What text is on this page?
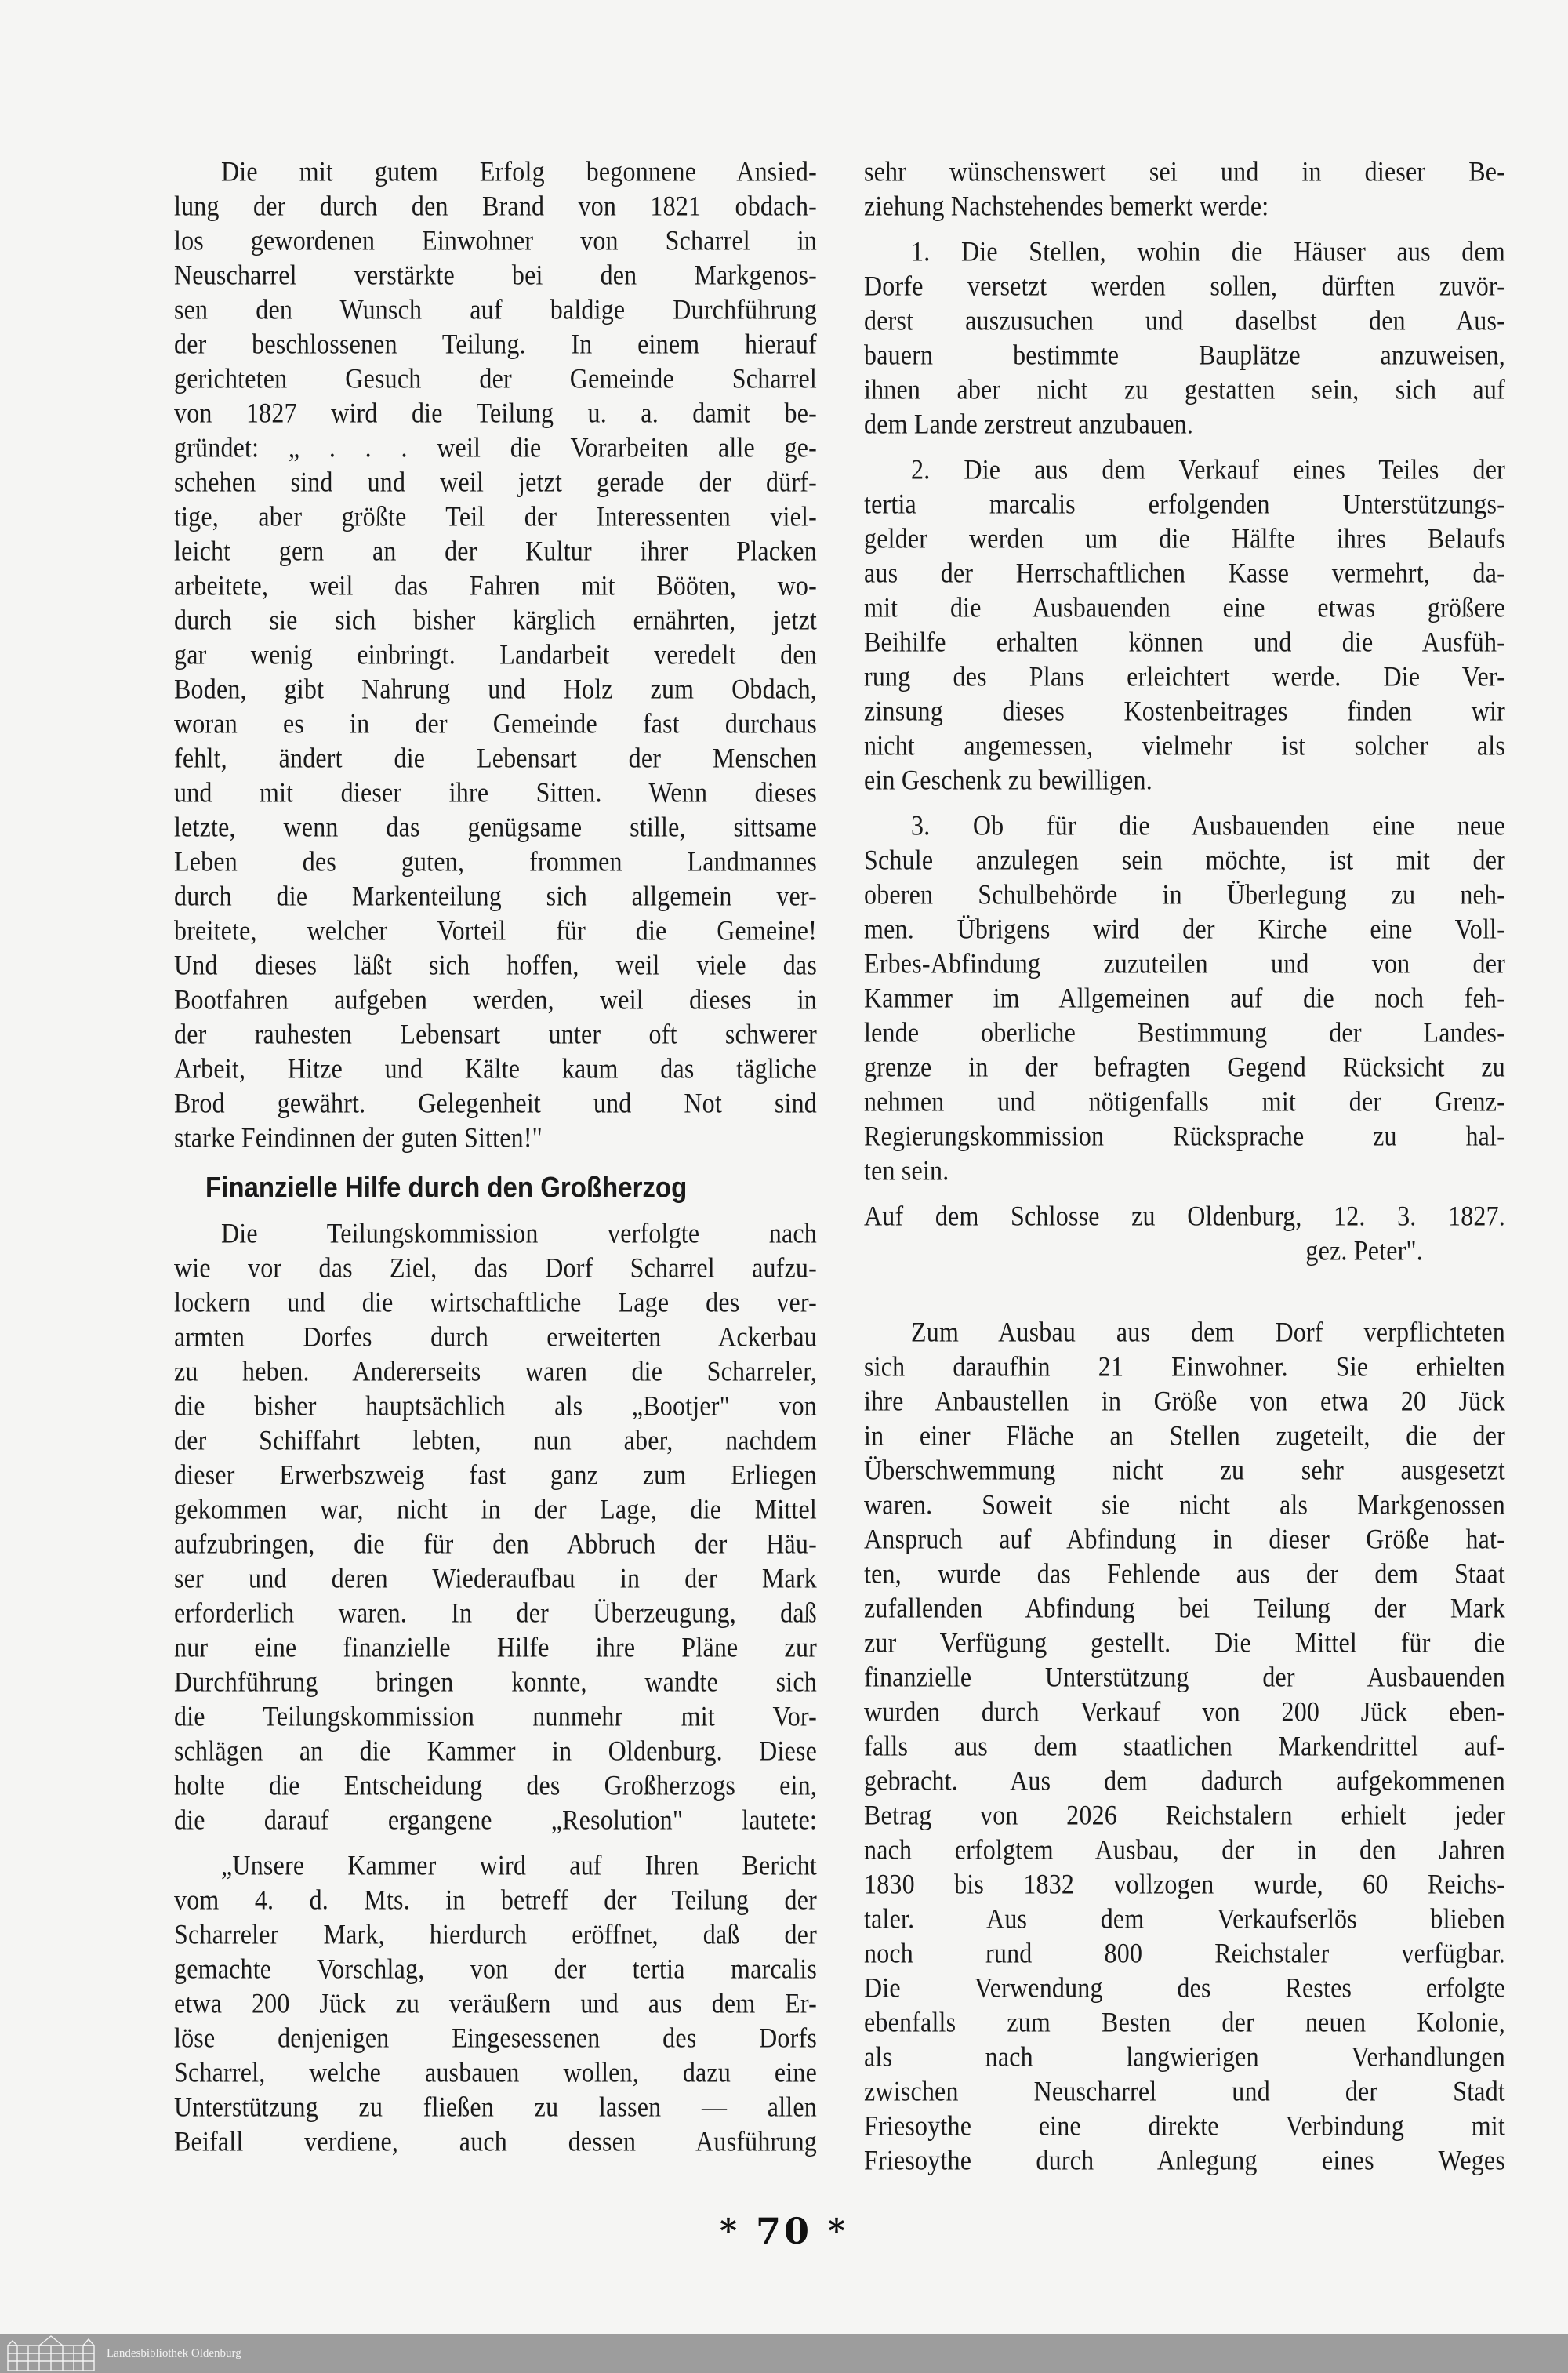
Die mit gutem Erfolg begonnene Ansied-
lung der durch den Brand von 1821 obdach-
los gewordenen Einwohner von Scharrel in
Neuscharrel verstärkte bei den Markgenos-
sen den Wunsch auf baldige Durchführung
der beschlossenen Teilung. In einem hierauf
gerichteten Gesuch der Gemeinde Scharrel
von 1827 wird die Teilung u. a. damit be-
gründet: „ . . . weil die Vorarbeiten alle ge-
schehen sind und weil jetzt gerade der dürf-
tige, aber größte Teil der Interessenten viel-
leicht gern an der Kultur ihrer Placken
arbeitete, weil das Fahren mit Bööten, wo-
durch sie sich bisher kärglich ernährten, jetzt
gar wenig einbringt. Landarbeit veredelt den
Boden, gibt Nahrung und Holz zum Obdach,
woran es in der Gemeinde fast durchaus
fehlt, ändert die Lebensart der Menschen
und mit dieser ihre Sitten. Wenn dieses
letzte, wenn das genügsame stille, sittsame
Leben des guten, frommen Landmannes
durch die Markenteilung sich allgemein ver-
breitete, welcher Vorteil für die Gemeine!
Und dieses läßt sich hoffen, weil viele das
Bootfahren aufgeben werden, weil dieses in
der rauhesten Lebensart unter oft schwerer
Arbeit, Hitze und Kälte kaum das tägliche
Brod gewährt. Gelegenheit und Not sind
starke Feindinnen der guten Sitten!"
Finanzielle Hilfe durch den Großherzog
Die Teilungskommission verfolgte nach
wie vor das Ziel, das Dorf Scharrel aufzu-
lockern und die wirtschaftliche Lage des ver-
armten Dorfes durch erweiterten Ackerbau
zu heben. Andererseits waren die Scharreler,
die bisher hauptsächlich als „Bootjer" von
der Schiffahrt lebten, nun aber, nachdem
dieser Erwerbszweig fast ganz zum Erliegen
gekommen war, nicht in der Lage, die Mittel
aufzubringen, die für den Abbruch der Häu-
ser und deren Wiederaufbau in der Mark
erforderlich waren. In der Überzeugung, daß
nur eine finanzielle Hilfe ihre Pläne zur
Durchführung bringen konnte, wandte sich
die Teilungskommission nunmehr mit Vor-
schlägen an die Kammer in Oldenburg. Diese
holte die Entscheidung des Großherzogs ein,
die darauf ergangene „Resolution" lautete:
„Unsere Kammer wird auf Ihren Bericht
vom 4. d. Mts. in betreff der Teilung der
Scharreler Mark, hierdurch eröffnet, daß der
gemachte Vorschlag, von der tertia marcalis
etwa 200 Jück zu veräußern und aus dem Er-
löse denjenigen Eingesessenen des Dorfs
Scharrel, welche ausbauen wollen, dazu eine
Unterstützung zu fließen zu lassen — allen
Beifall verdiene, auch dessen Ausführung
sehr wünschenswert sei und in dieser Be-
ziehung Nachstehendes bemerkt werde:
1. Die Stellen, wohin die Häuser aus dem
Dorfe versetzt werden sollen, dürften zuvör-
derst auszusuchen und daselbst den Aus-
bauern bestimmte Bauplätze anzuweisen,
ihnen aber nicht zu gestatten sein, sich auf
dem Lande zerstreut anzubauen.
2. Die aus dem Verkauf eines Teiles der
tertia marcalis erfolgenden Unterstützungs-
gelder werden um die Hälfte ihres Belaufs
aus der Herrschaftlichen Kasse vermehrt, da-
mit die Ausbauenden eine etwas größere
Beihilfe erhalten können und die Ausfüh-
rung des Plans erleichtert werde. Die Ver-
zinsung dieses Kostenbeitrages finden wir
nicht angemessen, vielmehr ist solcher als
ein Geschenk zu bewilligen.
3. Ob für die Ausbauenden eine neue
Schule anzulegen sein möchte, ist mit der
oberen Schulbehörde in Überlegung zu neh-
men. Übrigens wird der Kirche eine Voll-
Erbes-Abfindung zuzuteilen und von der
Kammer im Allgemeinen auf die noch feh-
lende oberliche Bestimmung der Landes-
grenze in der befragten Gegend Rücksicht zu
nehmen und nötigenfalls mit der Grenz-
Regierungskommission Rücksprache zu hal-
ten sein.
Auf dem Schlosse zu Oldenburg, 12. 3. 1827.
gez. Peter".
Zum Ausbau aus dem Dorf verpflichteten
sich daraufhin 21 Einwohner. Sie erhielten
ihre Anbaustellen in Größe von etwa 20 Jück
in einer Fläche an Stellen zugeteilt, die der
Überschwemmung nicht zu sehr ausgesetzt
waren. Soweit sie nicht als Markgenossen
Anspruch auf Abfindung in dieser Größe hat-
ten, wurde das Fehlende aus der dem Staat
zufallenden Abfindung bei Teilung der Mark
zur Verfügung gestellt. Die Mittel für die
finanzielle Unterstützung der Ausbauenden
wurden durch Verkauf von 200 Jück eben-
falls aus dem staatlichen Markendrittel auf-
gebracht. Aus dem dadurch aufgekommenen
Betrag von 2026 Reichstalern erhielt jeder
nach erfolgtem Ausbau, der in den Jahren
1830 bis 1832 vollzogen wurde, 60 Reichs-
taler. Aus dem Verkaufserlös blieben
noch rund 800 Reichstaler verfügbar.
Die Verwendung des Restes erfolgte
ebenfalls zum Besten der neuen Kolonie,
als nach langwierigen Verhandlungen
zwischen Neuscharrel und der Stadt
Friesoythe eine direkte Verbindung mit
Friesoythe durch Anlegung eines Weges
* 70 *
Landesbibliothek Oldenburg
